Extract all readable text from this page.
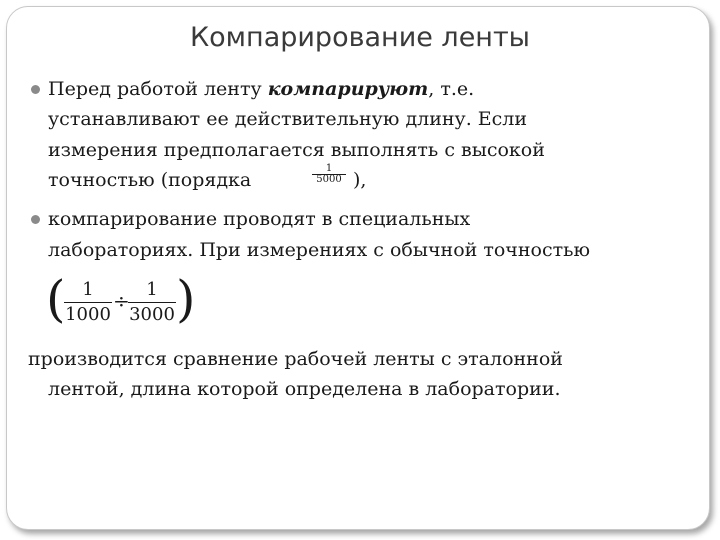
Компарирование ленты
Перед работой ленту компарируют, т.е.
устанавливают ее действительную длину. Если
измерения предполагается выполнять с высокой
точностью (порядка
1
5000 ),
компарирование проводят в специальных
лабораториях. При измерениях с обычной точностью
( 1
1000
÷ 1
3000 )
производится сравнение рабочей ленты с эталонной
лентой, длина которой определена в лаборатории.
